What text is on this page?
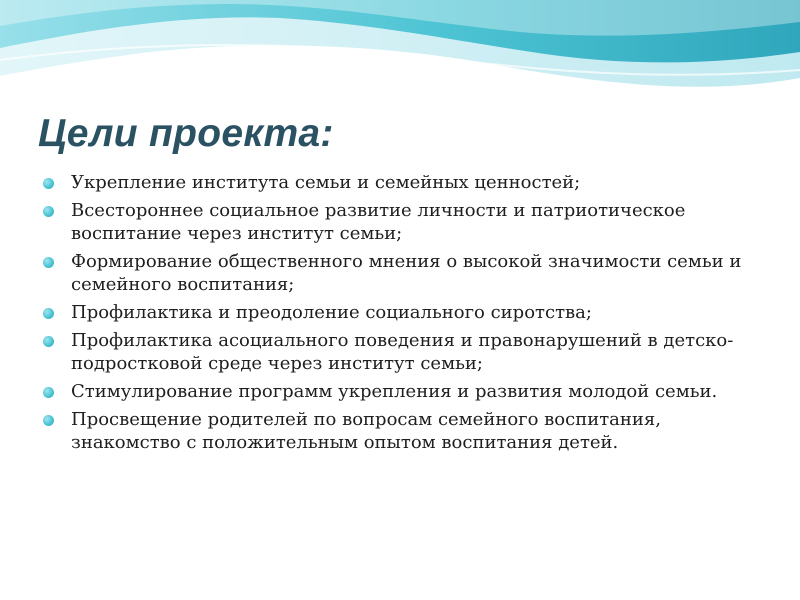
Цели проекта:
Укрепление института семьи и семейных ценностей;
Всестороннее социальное развитие личности и патриотическое воспитание через институт семьи;
Формирование общественного мнения о высокой значимости семьи и семейного воспитания;
Профилактика и преодоление социального сиротства;
Профилактика асоциального поведения и правонарушений в детско-подростковой среде через институт семьи;
Стимулирование программ укрепления и развития молодой семьи.
Просвещение родителей по вопросам семейного воспитания, знакомство с положительным опытом воспитания детей.
